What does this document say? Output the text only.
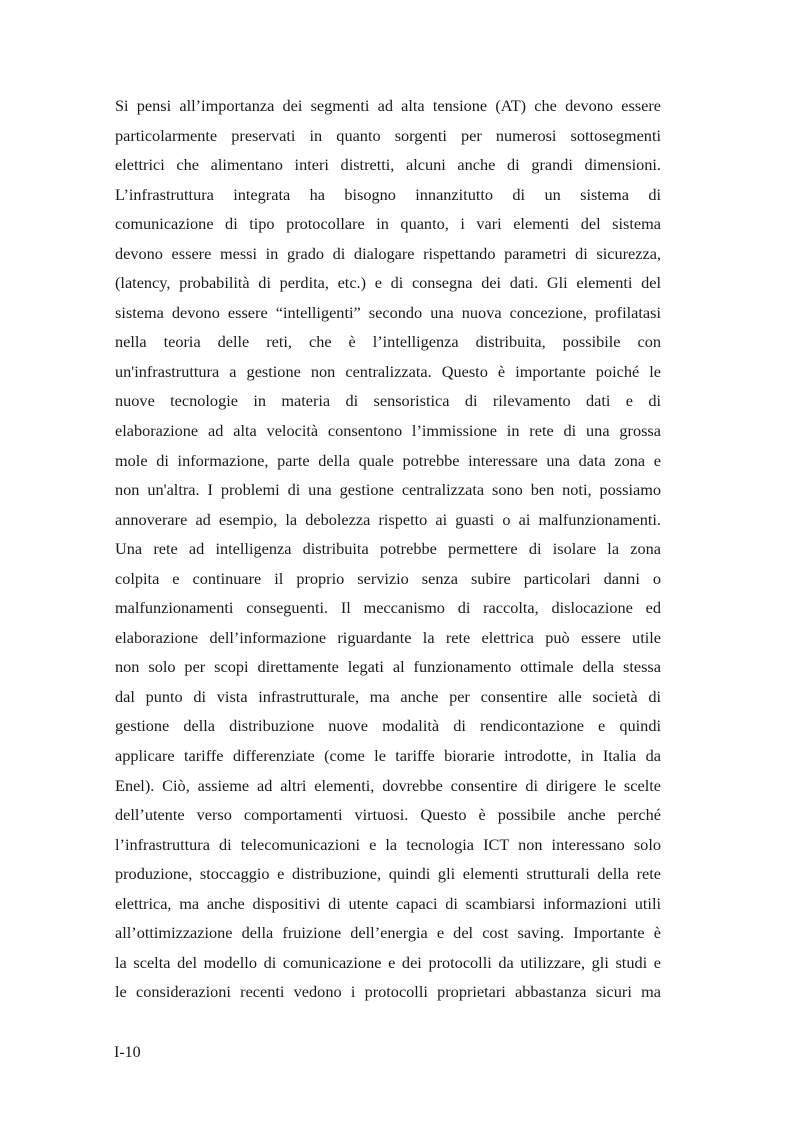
Si pensi all’importanza dei segmenti ad alta tensione (AT) che devono essere
particolarmente preservati in quanto sorgenti per numerosi sottosegmenti
elettrici che alimentano interi distretti, alcuni anche di grandi dimensioni.
L’infrastruttura integrata ha bisogno innanzitutto di un sistema di
comunicazione di tipo protocollare in quanto, i vari elementi del sistema
devono essere messi in grado di dialogare rispettando parametri di sicurezza,
(latency, probabilità di perdita, etc.) e di consegna dei dati. Gli elementi del
sistema devono essere “intelligenti” secondo una nuova concezione, profilatasi
nella teoria delle reti, che è l’intelligenza distribuita, possibile con
un'infrastruttura a gestione non centralizzata. Questo è importante poiché le
nuove tecnologie in materia di sensoristica di rilevamento dati e di
elaborazione ad alta velocità consentono l’immissione in rete di una grossa
mole di informazione, parte della quale potrebbe interessare una data zona e
non un'altra. I problemi di una gestione centralizzata sono ben noti, possiamo
annoverare ad esempio, la debolezza rispetto ai guasti o ai malfunzionamenti.
Una rete ad intelligenza distribuita potrebbe permettere di isolare la zona
colpita e continuare il proprio servizio senza subire particolari danni o
malfunzionamenti conseguenti. Il meccanismo di raccolta, dislocazione ed
elaborazione dell’informazione riguardante la rete elettrica può essere utile
non solo per scopi direttamente legati al funzionamento ottimale della stessa
dal punto di vista infrastrutturale, ma anche per consentire alle società di
gestione della distribuzione nuove modalità di rendicontazione e quindi
applicare tariffe differenziate (come le tariffe biorarie introdotte, in Italia da
Enel). Ciò, assieme ad altri elementi, dovrebbe consentire di dirigere le scelte
dell’utente verso comportamenti virtuosi. Questo è possibile anche perché
l’infrastruttura di telecomunicazioni e la tecnologia ICT non interessano solo
produzione, stoccaggio e distribuzione, quindi gli elementi strutturali della rete
elettrica, ma anche dispositivi di utente capaci di scambiarsi informazioni utili
all’ottimizzazione della fruizione dell’energia e del cost saving. Importante è
la scelta del modello di comunicazione e dei protocolli da utilizzare, gli studi e
le considerazioni recenti vedono i protocolli proprietari abbastanza sicuri ma

I-10
